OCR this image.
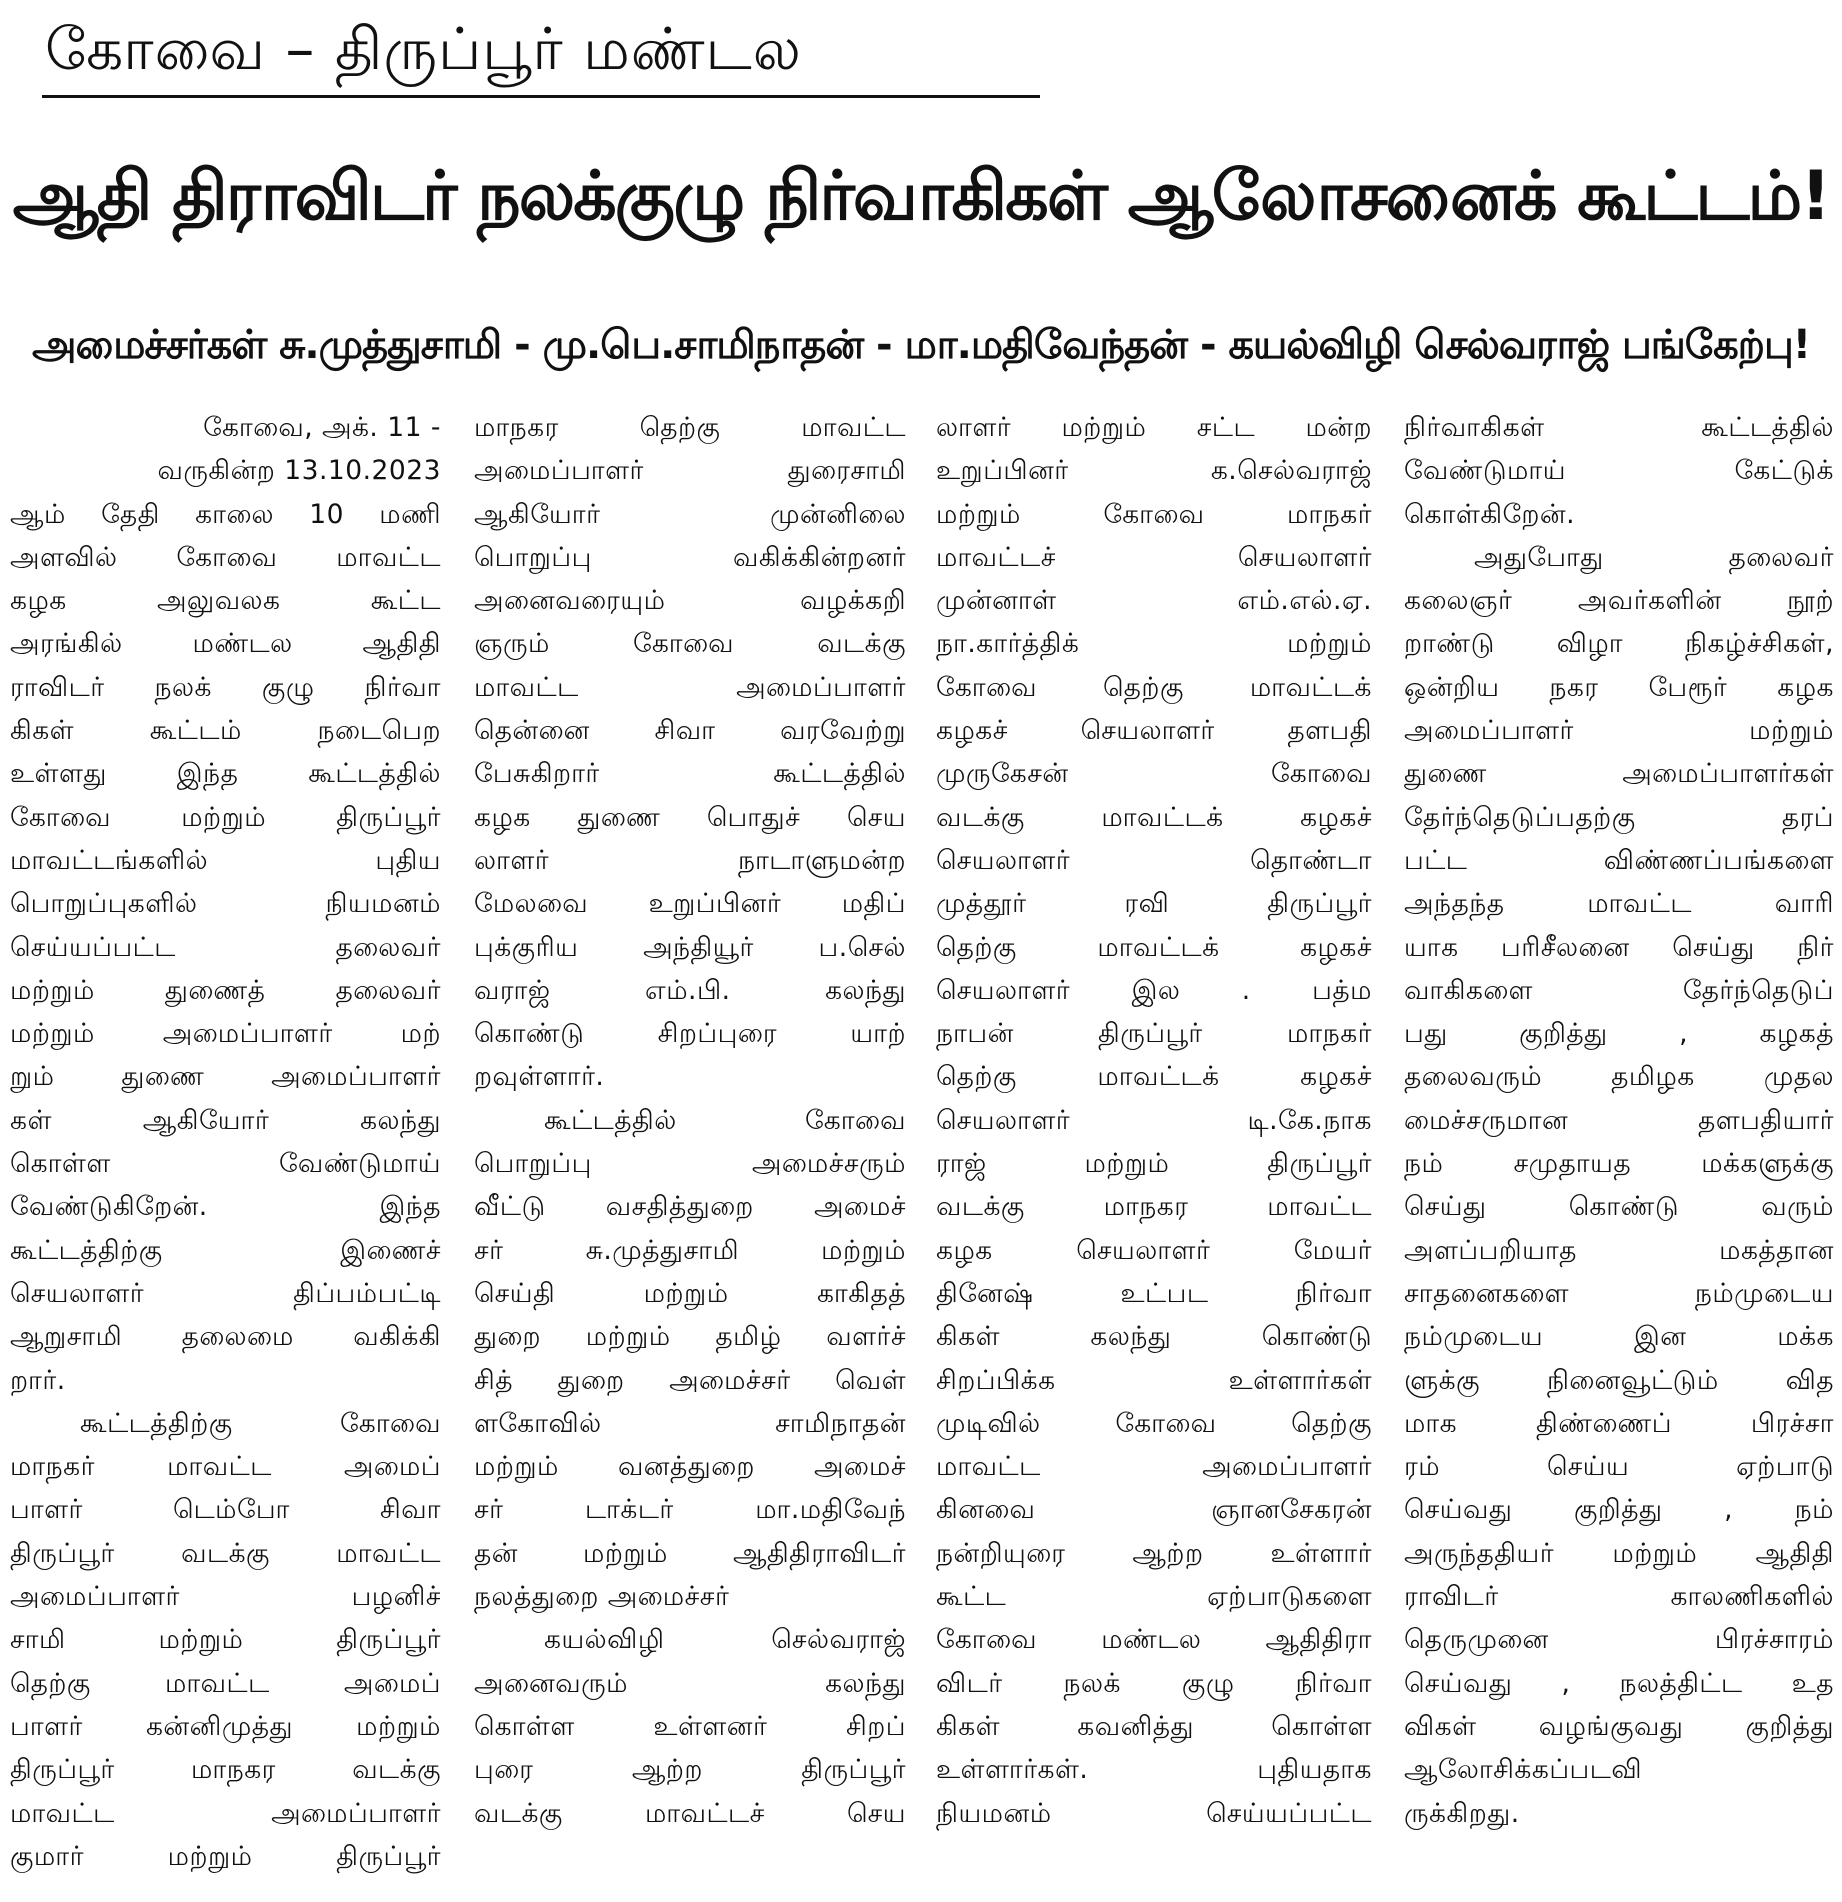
கோவை – திருப்பூர் மண்டல
ஆதி திராவிடர் நலக்குழு நிர்வாகிகள் ஆலோசனைக் கூட்டம்!
அமைச்சர்கள் சு.முத்துசாமி - மு.பெ.சாமிநாதன் - மா.மதிவேந்தன் - கயல்விழி செல்வராஜ் பங்கேற்பு!
கோவை, அக். 11 -
வருகின்ற 13.10.2023
ஆம் தேதி காலை 10 மணி
அளவில் கோவை மாவட்ட
கழக அலுவலக கூட்ட
அரங்கில் மண்டல ஆதிதி
ராவிடர் நலக் குழு நிர்வா
கிகள் கூட்டம் நடைபெற
உள்ளது இந்த கூட்டத்தில்
கோவை மற்றும் திருப்பூர்
மாவட்டங்களில் புதிய
பொறுப்புகளில் நியமனம்
செய்யப்பட்ட தலைவர்
மற்றும் துணைத் தலைவர்
மற்றும் அமைப்பாளர் மற்
றும் துணை அமைப்பாளர்
கள் ஆகியோர் கலந்து
கொள்ள வேண்டுமாய்
வேண்டுகிறேன். இந்த
கூட்டத்திற்கு இணைச்
செயலாளர் திப்பம்பட்டி
ஆறுசாமி தலைமை வகிக்கி
றார்.
கூட்டத்திற்கு கோவை
மாநகர் மாவட்ட அமைப்
பாளர் டெம்போ சிவா
திருப்பூர் வடக்கு மாவட்ட
அமைப்பாளர் பழனிச்
சாமி மற்றும் திருப்பூர்
தெற்கு மாவட்ட அமைப்
பாளர் கன்னிமுத்து மற்றும்
திருப்பூர் மாநகர வடக்கு
மாவட்ட அமைப்பாளர்
குமார் மற்றும் திருப்பூர்
மாநகர தெற்கு மாவட்ட
அமைப்பாளர் துரைசாமி
ஆகியோர் முன்னிலை
பொறுப்பு வகிக்கின்றனர்
அனைவரையும் வழக்கறி
ஞரும் கோவை வடக்கு
மாவட்ட அமைப்பாளர்
தென்னை சிவா வரவேற்று
பேசுகிறார் கூட்டத்தில்
கழக துணை பொதுச் செய
லாளர் நாடாளுமன்ற
மேலவை உறுப்பினர் மதிப்
புக்குரிய அந்தியூர் ப.செல்
வராஜ் எம்.பி. கலந்து
கொண்டு சிறப்புரை யாற்
றவுள்ளார்.
கூட்டத்தில் கோவை
பொறுப்பு அமைச்சரும்
வீட்டு வசதித்துறை அமைச்
சர் சு.முத்துசாமி மற்றும்
செய்தி மற்றும் காகிதத்
துறை மற்றும் தமிழ் வளர்ச்
சித் துறை அமைச்சர் வெள்
ளகோவில் சாமிநாதன்
மற்றும் வனத்துறை அமைச்
சர் டாக்டர் மா.மதிவேந்
தன் மற்றும் ஆதிதிராவிடர்
நலத்துறை அமைச்சர்
கயல்விழி செல்வராஜ்
அனைவரும் கலந்து
கொள்ள உள்ளனர் சிறப்
புரை ஆற்ற திருப்பூர்
வடக்கு மாவட்டச் செய
லாளர் மற்றும் சட்ட மன்ற
உறுப்பினர் க.செல்வராஜ்
மற்றும் கோவை மாநகர்
மாவட்டச் செயலாளர்
முன்னாள் எம்.எல்.ஏ.
நா.கார்த்திக் மற்றும்
கோவை தெற்கு மாவட்டக்
கழகச் செயலாளர் தளபதி
முருகேசன் கோவை
வடக்கு மாவட்டக் கழகச்
செயலாளர் தொண்டா
முத்தூர் ரவி திருப்பூர்
தெற்கு மாவட்டக் கழகச்
செயலாளர் இல . பத்ம
நாபன் திருப்பூர் மாநகர்
தெற்கு மாவட்டக் கழகச்
செயலாளர் டி.கே.நாக
ராஜ் மற்றும் திருப்பூர்
வடக்கு மாநகர மாவட்ட
கழக செயலாளர் மேயர்
தினேஷ் உட்பட நிர்வா
கிகள் கலந்து கொண்டு
சிறப்பிக்க உள்ளார்கள்
முடிவில் கோவை தெற்கு
மாவட்ட அமைப்பாளர்
கினவை ஞானசேகரன்
நன்றியுரை ஆற்ற உள்ளார்
கூட்ட ஏற்பாடுகளை
கோவை மண்டல ஆதிதிரா
விடர் நலக் குழு நிர்வா
கிகள் கவனித்து கொள்ள
உள்ளார்கள். புதியதாக
நியமனம் செய்யப்பட்ட
நிர்வாகிகள் கூட்டத்தில்
வேண்டுமாய் கேட்டுக்
கொள்கிறேன்.
அதுபோது தலைவர்
கலைஞர் அவர்களின் நூற்
றாண்டு விழா நிகழ்ச்சிகள்,
ஒன்றிய நகர பேரூர் கழக
அமைப்பாளர் மற்றும்
துணை அமைப்பாளர்கள்
தேர்ந்தெடுப்பதற்கு தரப்
பட்ட விண்ணப்பங்களை
அந்தந்த மாவட்ட வாரி
யாக பரிசீலனை செய்து நிர்
வாகிகளை தேர்ந்தெடுப்
பது குறித்து , கழகத்
தலைவரும் தமிழக முதல
மைச்சருமான தளபதியார்
நம் சமுதாயத மக்களுக்கு
செய்து கொண்டு வரும்
அளப்பறியாத மகத்தான
சாதனைகளை நம்முடைய
நம்முடைய இன மக்க
ளுக்கு நினைவூட்டும் வித
மாக திண்ணைப் பிரச்சா
ரம் செய்ய ஏற்பாடு
செய்வது குறித்து , நம்
அருந்ததியர் மற்றும் ஆதிதி
ராவிடர் காலணிகளில்
தெருமுனை பிரச்சாரம்
செய்வது , நலத்திட்ட உத
விகள் வழங்குவது குறித்து
ஆலோசிக்கப்படவி
ருக்கிறது.
